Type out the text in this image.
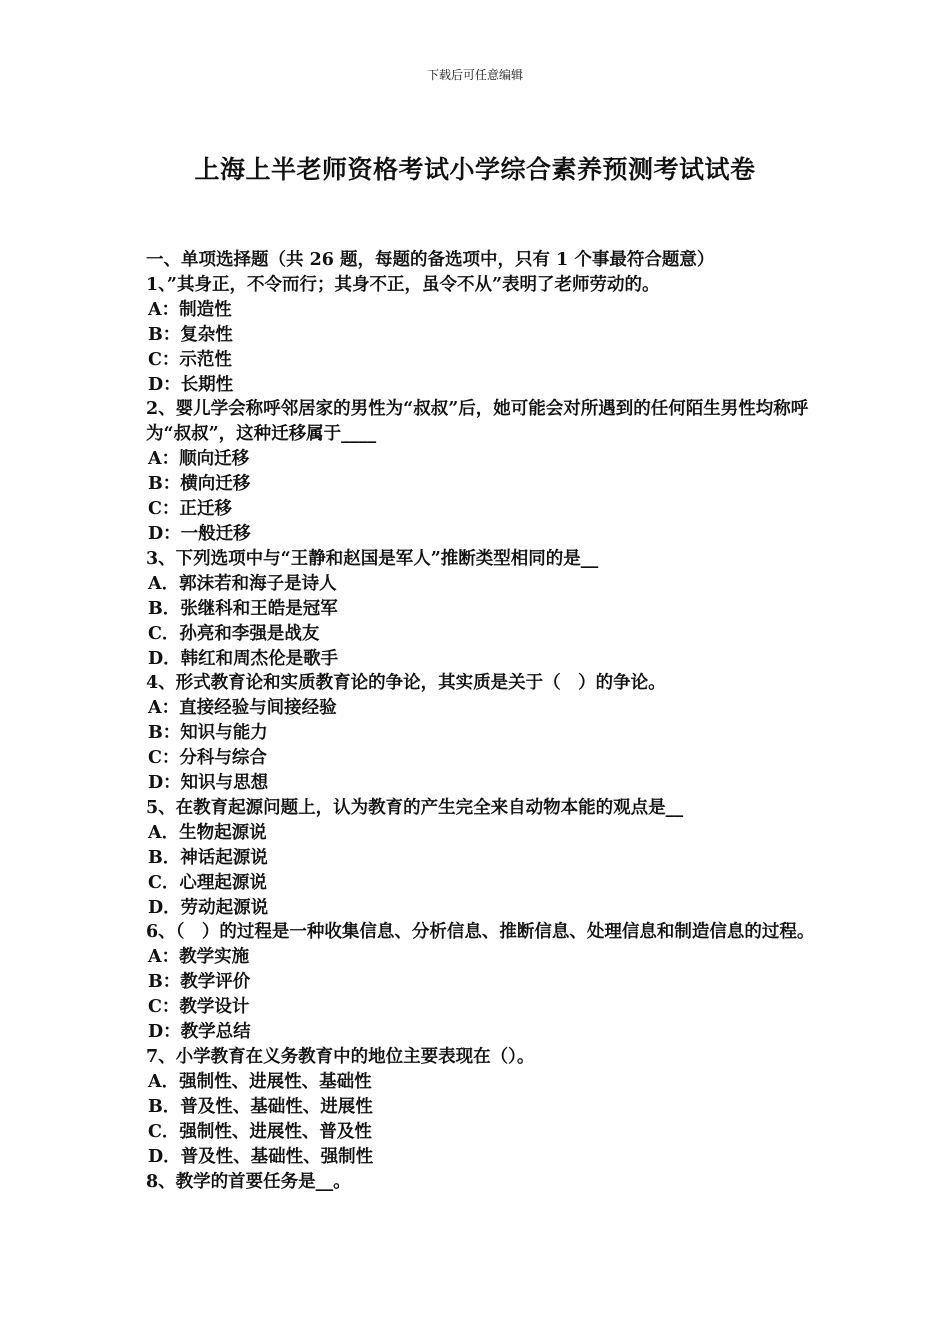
下载后可任意编辑
上海上半老师资格考试小学综合素养预测考试试卷
一、单项选择题（共 26 题，每题的备选项中，只有 1 个事最符合题意）
1、”其身正，不令而行；其身不正，虽令不从”表明了老师劳动的。
A：制造性
B：复杂性
C：示范性
D：长期性
2、婴儿学会称呼邻居家的男性为“叔叔”后，她可能会对所遇到的任何陌生男性均称呼为“叔叔”，这种迁移属于____
A：顺向迁移
B：横向迁移
C：正迁移
D：一般迁移
3、下列选项中与“王静和赵国是军人”推断类型相同的是__
A．郭沫若和海子是诗人
B．张继科和王皓是冠军
C．孙亮和李强是战友
D．韩红和周杰伦是歌手
4、形式教育论和实质教育论的争论，其实质是关于（　）的争论。
A：直接经验与间接经验
B：知识与能力
C：分科与综合
D：知识与思想
5、在教育起源问题上，认为教育的产生完全来自动物本能的观点是__
A．生物起源说
B．神话起源说
C．心理起源说
D．劳动起源说
6、（　）的过程是一种收集信息、分析信息、推断信息、处理信息和制造信息的过程。
A：教学实施
B：教学评价
C：教学设计
D：教学总结
7、小学教育在义务教育中的地位主要表现在（）。
A．强制性、进展性、基础性
B．普及性、基础性、进展性
C．强制性、进展性、普及性
D．普及性、基础性、强制性
8、教学的首要任务是__。
